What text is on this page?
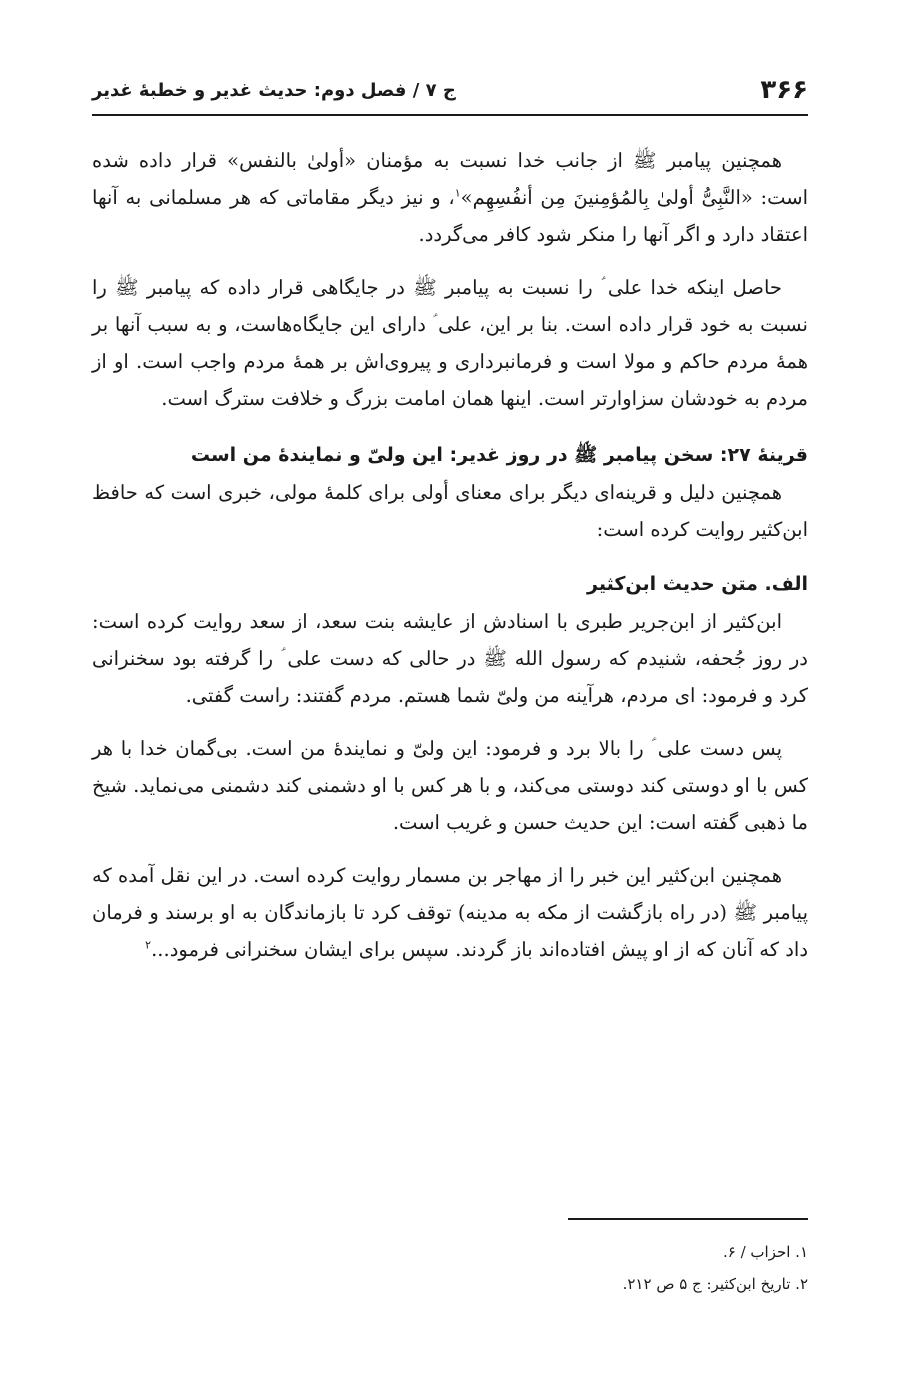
۳۶۶
ج ۷ / فصل دوم: حدیث غدیر و خطبهٔ غدیر

همچنین پیامبر ﷺ از جانب خدا نسبت به مؤمنان «أولیٰ بالنفس» قرار داده شده است: «النَّبِیُّ أولیٰ بِالمُؤمِنینَ مِن أنفُسِهِم»$^۱$، و نیز دیگر مقاماتی که هر مسلمانی به آنها اعتقاد دارد و اگر آنها را منکر شود کافر می‌گردد.

حاصل اینکه خدا علی ؑ را نسبت به پیامبر ﷺ در جایگاهی قرار داده که پیامبر ﷺ را نسبت به خود قرار داده است. بنا بر این، علی ؑ دارای این جایگاه‌هاست، و به سبب آنها بر همهٔ مردم حاکم و مولا است و فرمانبرداری و پیروی‌اش بر همهٔ مردم واجب است. او از مردم به خودشان سزاوارتر است. اینها همان امامت بزرگ و خلافت سترگ است.

قرینهٔ ۲۷: سخن پیامبر ﷺ در روز غدیر: این ولیّ و نمایندهٔ من است

همچنین دلیل و قرینه‌ای دیگر برای معنای أولی برای کلمهٔ مولی، خبری است که حافظ ابن‌کثیر روایت کرده است:

الف. متن حدیث ابن‌کثیر

ابن‌کثیر از ابن‌جریر طبری با اسنادش از عایشه بنت سعد، از سعد روایت کرده است: در روز جُحفه، شنیدم که رسول الله ﷺ در حالی که دست علی ؑ را گرفته بود سخنرانی کرد و فرمود: ای مردم، هرآینه من ولیّ شما هستم. مردم گفتند: راست گفتی.

پس دست علی ؑ را بالا برد و فرمود: این ولیّ و نمایندهٔ من است. بی‌گمان خدا با هر کس با او دوستی کند دوستی می‌کند، و با هر کس با او دشمنی کند دشمنی می‌نماید. شیخ ما ذهبی گفته است: این حدیث حسن و غریب است.

همچنین ابن‌کثیر این خبر را از مهاجر بن مسمار روایت کرده است. در این نقل آمده که پیامبر ﷺ (در راه بازگشت از مکه به مدینه) توقف کرد تا بازماندگان به او برسند و فرمان داد که آنان که از او پیش افتاده‌اند باز گردند. سپس برای ایشان سخنرانی فرمود...$^۲$

۱. احزاب / ۶.
۲. تاریخ ابن‌کثیر: ج ۵ ص ۲۱۲.
